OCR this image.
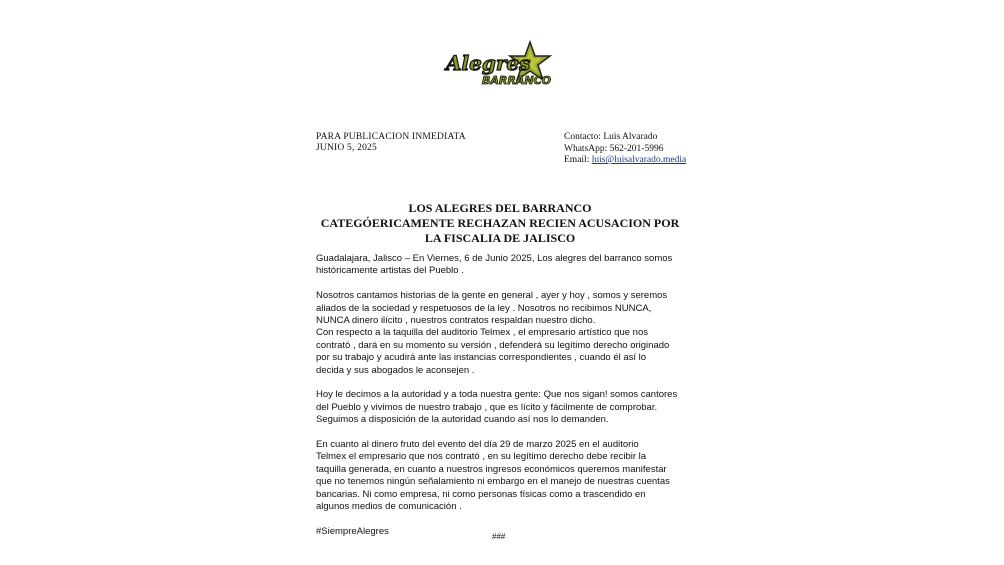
Alegres
BARRANCO
PARA PUBLICACION INMEDIATA
JUNIO 5, 2025
Contacto: Luis Alvarado
WhatsApp: 562-201-5996
Email: luis@luisalvarado.media
LOS ALEGRES DEL BARRANCO
CATEGÓERICAMENTE RECHAZAN RECIEN ACUSACION POR
LA FISCALIA DE JALISCO

Guadalajara, Jalisco – En Viernes, 6 de Junio 2025, Los alegres del barranco somos
históricamente artistas del Pueblo .

Nosotros cantamos historias de la gente en general , ayer y hoy , somos y seremos
aliados de la sociedad y respetuosos de la ley . Nosotros no recibimos NUNCA,
NUNCA dinero ilícito , nuestros contratos respaldan nuestro dicho.

Con respecto a la taquilla del auditorio Telmex , el empresario artístico que nos
contrató , dará en su momento su versión , defenderá su legítimo derecho originado
por su trabajo y acudirá ante las instancias correspondientes , cuando él así lo
decida y sus abogados le aconsejen .

Hoy le decimos a la autoridad y a toda nuestra gente: Que nos sigan! somos cantores
del Pueblo y vivimos de nuestro trabajo , que es lícito y fácilmente de comprobar.
Seguimos a disposición de la autoridad cuando así nos lo demanden.

En cuanto al dinero fruto del evento del día 29 de marzo 2025 en el auditorio
Telmex el empresario que nos contrató , en su legítimo derecho debe recibir la
taquilla generada, en cuanto a nuestros ingresos económicos queremos manifestar
que no tenemos ningún señalamiento ni embargo en el manejo de nuestras cuentas
bancarias. Ni como empresa, ni como personas físicas como a trascendido en
algunos medios de comunicación .

#SiempreAlegres	###
